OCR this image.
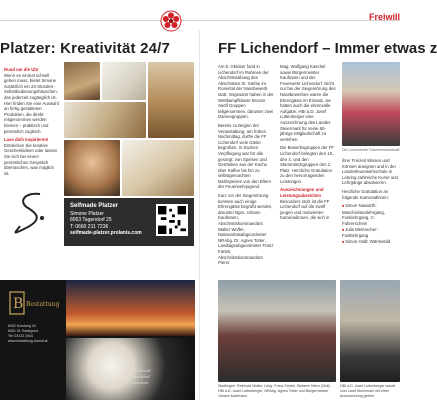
Freiwill
Platzer: Kreativität 24/7
Rund um die Uhr

Wenn es einmal schnell gehen muss, bietet Simone zusätzlich ein 24-Stunden-Selbstbedienungshäuschen, das jederzeit zugänglich ist. Hier finden Sie eine Auswahl an fertig gestalteten Produkten, die direkt mitgenommen werden können – praktisch und persönlich zugleich.

Lass dich inspirieren!

Entdecken Sie kreative Geschenkideen oder lassen Sie sich bei einem persönlichen Gespräch überraschen, was möglich ist.

Selfmade Platzer
Simone Platzer
8063 Tagendorf 25
T: 0660 211 7236
selfmade-platzer.prolanis.com
B Bestattung
8062 Kumberg 34
8061 St. Radegund
Tel: 03132 2544
www.bestattung-brandl.at
Würdevoll
Abschied
nehmen
FF Lichendorf – Immer etwas z

Am 5. Oktober fand in Lichendorf im Rahmen der Abschnittsübung des Abschnittes St. Stefan im Rosental der Nassbewerb statt. Insgesamt haben in der Wettkampfklasse Bronze zwölf Gruppen teilgenommen, darunter zwei Damengruppen.

Bereits zu Beginn der Veranstaltung, am frühen Nachmittag, durfte die FF Lichendorf viele Gäste begrüßen. In Sachen Verpflegung war für alle gesorgt: von Speisen und Getränken aus der Küche über Kaffee bis hin zu selbstgemachten Mehlspeisen von den Eltern der Feuerwehrjugend.

Kurz vor der Siegerehrung konnten auch einige Ehrengäste begrüßt werden, darunter Bgm. Johann Kaufmann, Abschnittskommandant Walter Wolfer, Nationalratsabgeordneter NRAbg. Dr. Agnes Totter, Landtagsabgeordneter Franz Fartek, Abschnittskommandant Pierer.

Mag. Wolfgang Kaschel sowie Bürgermeister Kaufmann und der Feuerwehr Lichendorf. Nicht nur bei der Siegerehrung des Nassbewerbes waren die Ehrengäste im Einsatz, sie hatten auch die ehrenvolle Aufgabe, HBI a.D. Josef Luttenberger eine Auszeichnung des Landes Steiermark für seine 60-jährige Mitgliedschaft zu verleihen.

Die Bewerbsgruppen der FF Lichendorf belegten den 10., den 4. und den Stammtischgruppen den 1. Platz. Herzliche Gratulation zu den hervorragenden Leistungen.

Auszeichnungen und Leistungsabzeichen

Besonders stolz ist die FF Lichendorf auf die zwölf jungen und motivierten Kameradinnen, die sich in

Die Lichendorfer Damenmannschaft

ihrer Freizeit Wissen und Können aneignen und in der Landesfeuerwehrschule in Lebring zahlreiche Kurse und Lehrgänge absolvieren.

Herzliche Gratulation an folgende Kameradinnen:

■ Simon Nauwirth: Maschinistenlehrgang, Funklehrgang, C-Führerschein
■ Julia Meinrecher: Funklehrgang
■ Simon Hödl: Wärmebild
Stadlingen: Reinhold Wolfer, Lübg. Franz Fartek, Stefanie Heinz (Wdl), HBI a.D. Josef Luttenberger, NRAbg. Agnes Totter und Bürgermeister Johann Kaufmann.
HBI a.D. Josef Luttenberger wurde vom Land Steiermark mit einer Auszeichnung geehrt.
